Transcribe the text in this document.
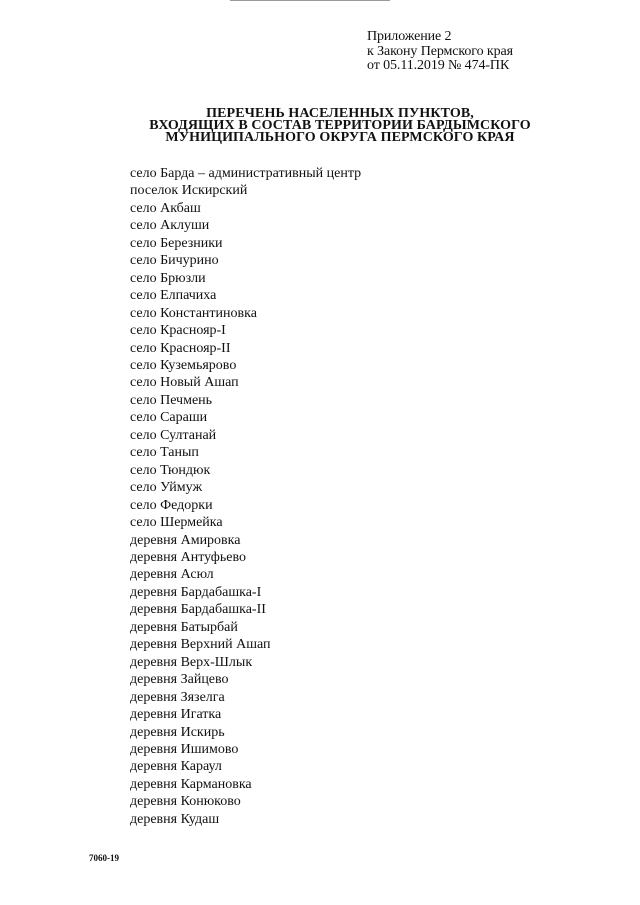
Приложение 2
к Закону Пермского края
от 05.11.2019 № 474-ПК
ПЕРЕЧЕНЬ НАСЕЛЕННЫХ ПУНКТОВ,
ВХОДЯЩИХ В СОСТАВ ТЕРРИТОРИИ БАРДЫМСКОГО
МУНИЦИПАЛЬНОГО ОКРУГА ПЕРМСКОГО КРАЯ
село Барда – административный центр
поселок Искирский
село Акбаш
село Аклуши
село Березники
село Бичурино
село Брюзли
село Елпачиха
село Константиновка
село Краснояр-I
село Краснояр-II
село Куземьярово
село Новый Ашап
село Печмень
село Сараши
село Султанай
село Танып
село Тюндюк
село Уймуж
село Федорки
село Шермейка
деревня Амировка
деревня Антуфьево
деревня Асюл
деревня Бардабашка-I
деревня Бардабашка-II
деревня Батырбай
деревня Верхний Ашап
деревня Верх-Шлык
деревня Зайцево
деревня Зязелга
деревня Игатка
деревня Искирь
деревня Ишимово
деревня Караул
деревня Кармановка
деревня Конюково
деревня Кудаш
7060-19
